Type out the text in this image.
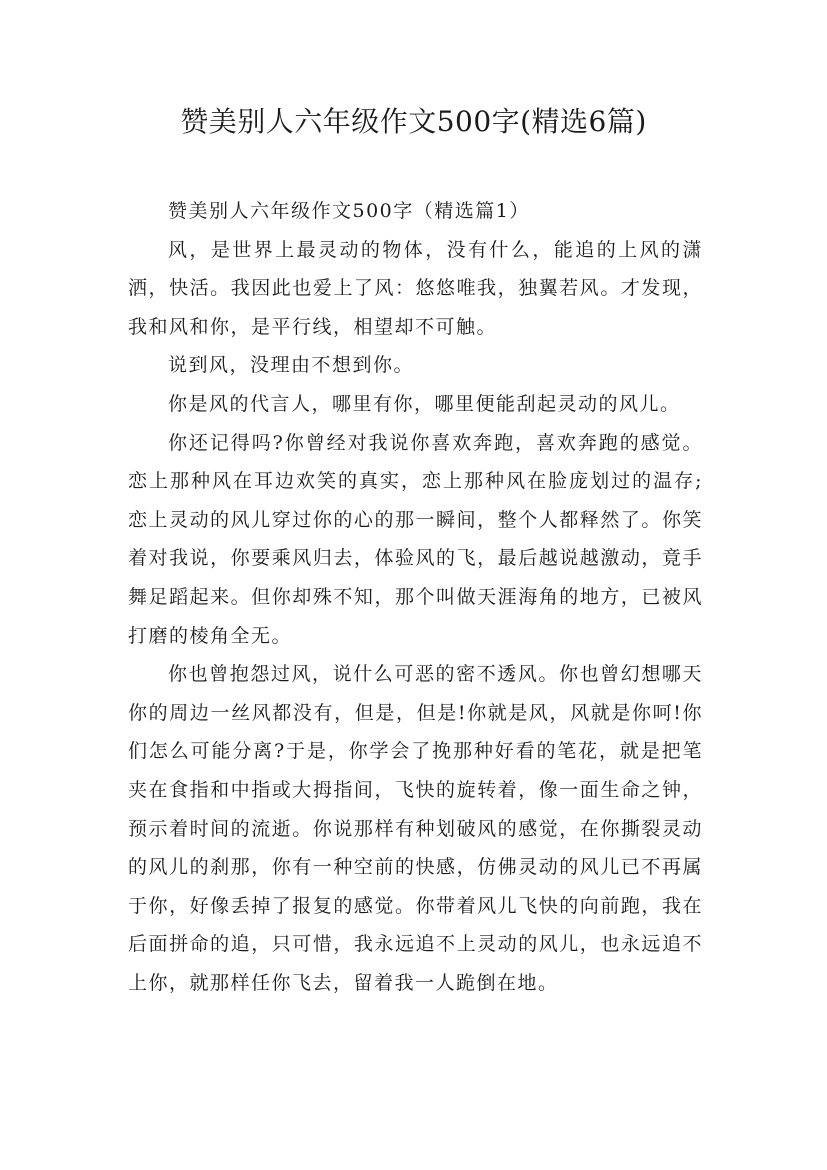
赞美别人六年级作文500字(精选6篇)

赞美别人六年级作文500字（精选篇1）

风，是世界上最灵动的物体，没有什么，能追的上风的潇洒，快活。我因此也爱上了风：悠悠唯我，独翼若风。才发现，我和风和你，是平行线，相望却不可触。

说到风，没理由不想到你。

你是风的代言人，哪里有你，哪里便能刮起灵动的风儿。

你还记得吗?你曾经对我说你喜欢奔跑，喜欢奔跑的感觉。恋上那种风在耳边欢笑的真实，恋上那种风在脸庞划过的温存;恋上灵动的风儿穿过你的心的那一瞬间，整个人都释然了。你笑着对我说，你要乘风归去，体验风的飞，最后越说越激动，竟手舞足蹈起来。但你却殊不知，那个叫做天涯海角的地方，已被风打磨的棱角全无。

你也曾抱怨过风，说什么可恶的密不透风。你也曾幻想哪天你的周边一丝风都没有，但是，但是!你就是风，风就是你呵!你们怎么可能分离?于是，你学会了挽那种好看的笔花，就是把笔夹在食指和中指或大拇指间，飞快的旋转着，像一面生命之钟，预示着时间的流逝。你说那样有种划破风的感觉，在你撕裂灵动的风儿的刹那，你有一种空前的快感，仿佛灵动的风儿已不再属于你，好像丢掉了报复的感觉。你带着风儿飞快的向前跑，我在后面拼命的追，只可惜，我永远追不上灵动的风儿，也永远追不上你，就那样任你飞去，留着我一人跪倒在地。
